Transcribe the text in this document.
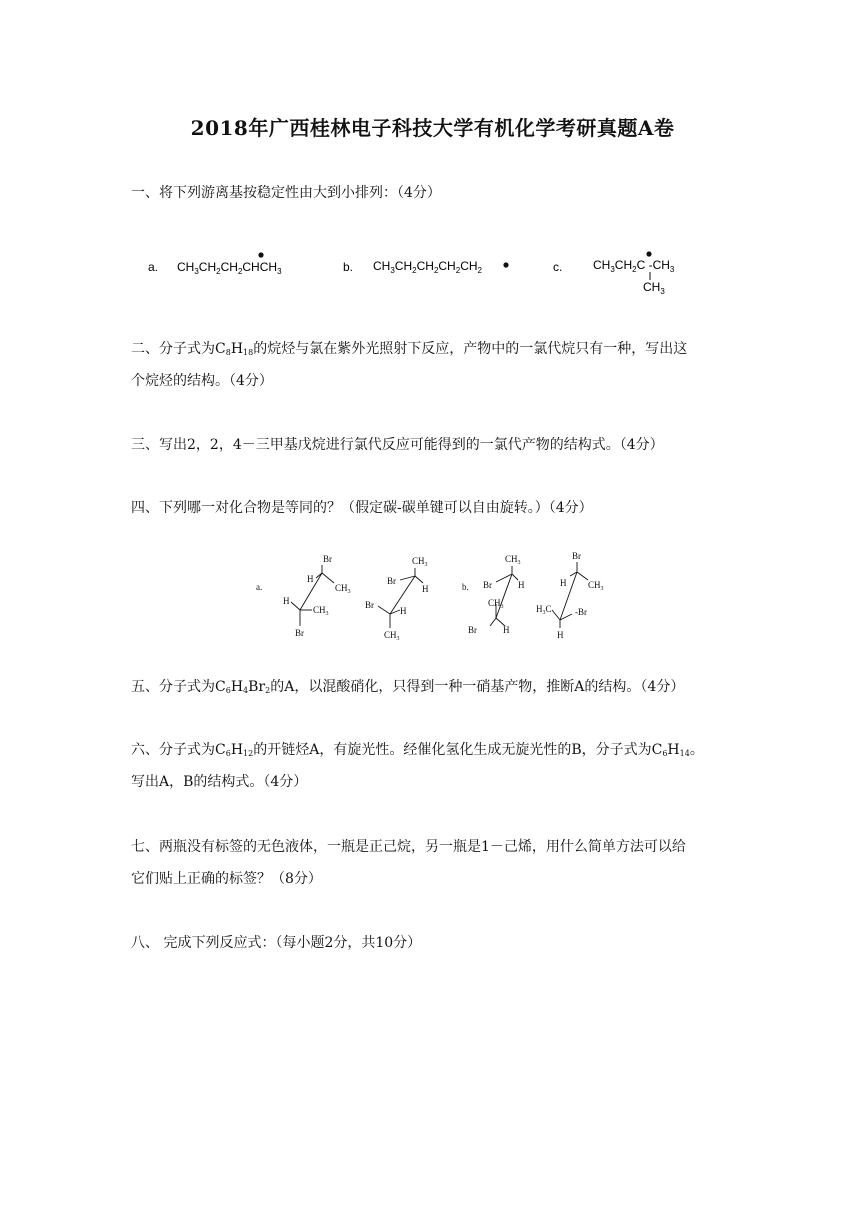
2018年广西桂林电子科技大学有机化学考研真题A卷
一、将下列游离基按稳定性由大到小排列：（4分）
a. $CH_3CH_2CH_2CHCH_3$	b. $CH_3CH_2CH_2CH_2CH_2$	c.	$CH_3CH_2C$ $-CH_3$
$CH_3$
二、分子式为$C_8H_{18}$的烷烃与氯在紫外光照射下反应，产物中的一氯代烷只有一种，写出这
个烷烃的结构。（4分）
三、写出2，2，4－三甲基戊烷进行氯代反应可能得到的一氯代产物的结构式。（4分）
四、下列哪一对化合物是等同的？（假定碳-碳单键可以自由旋转。）（4分）
a.
Br
H
$CH_3$
H
$CH_3$
Br
$CH_3$
Br
H
Br
H
$CH_3$
b.
$CH_3$
Br	H
$CH_3$
Br	H
Br
H $CH_3$
$H_3C$	-Br
H
五、分子式为$C_6H_4Br_2$的A，以混酸硝化，只得到一种一硝基产物，推断A的结构。（4分）
六、分子式为$C_6H_{12}$的开链烃A，有旋光性。经催化氢化生成无旋光性的B，分子式为$C_6H_{14}$。
写出A，B的结构式。（4分）
七、两瓶没有标签的无色液体，一瓶是正己烷，另一瓶是1－己烯，用什么简单方法可以给
它们贴上正确的标签？（8分）
八、 完成下列反应式：（每小题2分，共10分）
